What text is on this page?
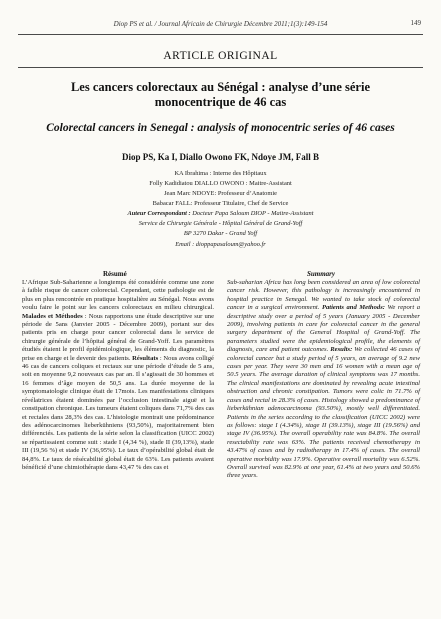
Diop PS et al. / Journal Africain de Chirurgie Décembre 2011;1(3):149-154	149
ARTICLE ORIGINAL
Les cancers colorectaux au Sénégal : analyse d’une série monocentrique de 46 cas
Colorectal cancers in Senegal : analysis of monocentric series of 46 cases
Diop PS, Ka I, Diallo Owono FK, Ndoye JM, Fall B
KA Ibrahima : Interne des Hôpitaux
Folly Kadidiatou DIALLO OWONO : Maitre-Assistant
Jean Marc NDOYE: Professeur d’Anatomie
Babacar FALL: Professeur Titulaire, Chef de Service
Auteur Correspondant : Docteur Papa Saloum DIOP - Maitre-Assistant
Service de Chirurgie Générale - Hôpital Général de Grand-Yoff
BP 3270 Dakar - Grand Yoff
Email : dioppapasaloum@yahoo.fr
Résumé	Summary
L’Afrique Sub-Saharienne a longtemps été considérée comme une zone à faible risque de cancer colorectal. Cependant, cette pathologie est de plus en plus rencontrée en pratique hospitalière au Sénégal. Nous avons voulu faire le point sur les cancers colorectaux en milieu chirurgical. Malades et Méthodes : Nous rapportons une étude descriptive sur une période de 5ans (Janvier 2005 - Décembre 2009), portant sur des patients pris en charge pour cancer colorectal dans le service de chirurgie générale de l’hôpital général de Grand-Yoff. Les paramètres étudiés étaient le profil épidémiologique, les éléments du diagnostic, la prise en charge et le devenir des patients. Résultats : Nous avons colligé 46 cas de cancers coliques et rectaux sur une période d’étude de 5 ans, soit en moyenne 9,2 nouveaux cas par an. Il s’agissait de 30 hommes et 16 femmes d’âge moyen de 50,5 ans. La durée moyenne de la symptomatologie clinique était de 17mois. Les manifestations cliniques révélatrices étaient dominées par l’occlusion intestinale aiguë et la constipation chronique. Les tumeurs étaient coliques dans 71,7% des cas et rectales dans 28,3% des cas. L’histologie montrait une prédominance des adénocarcinomes lieberkühniens (93,50%), majoritairement bien différenciés. Les patients de la série selon la classification (UICC 2002) se répartissaient comme suit : stade I (4,34 %), stade II (39,13%), stade III (19,56 %) et stade IV (36,95%). Le taux d’opérabilité global était de 84,8%. Le taux de résécabilité global était de 63%. Les patients avaient bénéficié d’une chimiothérapie dans 43,47 % des cas et
Sub-saharian Africa has long been considered an area of low colorectal cancer risk. However, this pathology is increasingly encountered in hospital practice in Senegal. We wanted to take stock of colorectal cancer in a surgical environment. Patients and Methods: We report a descriptive study over a period of 5 years (January 2005 - December 2009), involving patients in care for colorectal cancer in the general surgery department of the General Hospital of Grand-Yoff. The parameters studied were the epidemiological profile, the elements of diagnosis, care and patient outcomes. Results: We collected 46 cases of colorectal cancer but a study period of 5 years, an average of 9.2 new cases per year. They were 30 men and 16 women with a mean age of 50.5 years. The average duration of clinical symptoms was 17 months. The clinical manifestations are dominated by revealing acute intestinal obstruction and chronic constipation. Tumors were colic in 71.7% of cases and rectal in 28.3% of cases. Histology showed a predominance of lieberkühnian adenocarcinoma (93.50%), mostly well differentiated. Patients in the series according to the classification (UICC 2002) were as follows: stage I (4.34%), stage II (39.13%), stage III (19.56%) and stage IV (36.95%). The overall operability rate was 84.8%. The overall resectability rate was 63%. The patients received chemotherapy in 43.47% of cases and by radiotherapy in 17.4% of cases. The overall operative morbidity was 17.9%. Operative overall mortality was 6.52%. Overall survival was 82.9% at one year, 61.4% at two years and 50.6% three years.
